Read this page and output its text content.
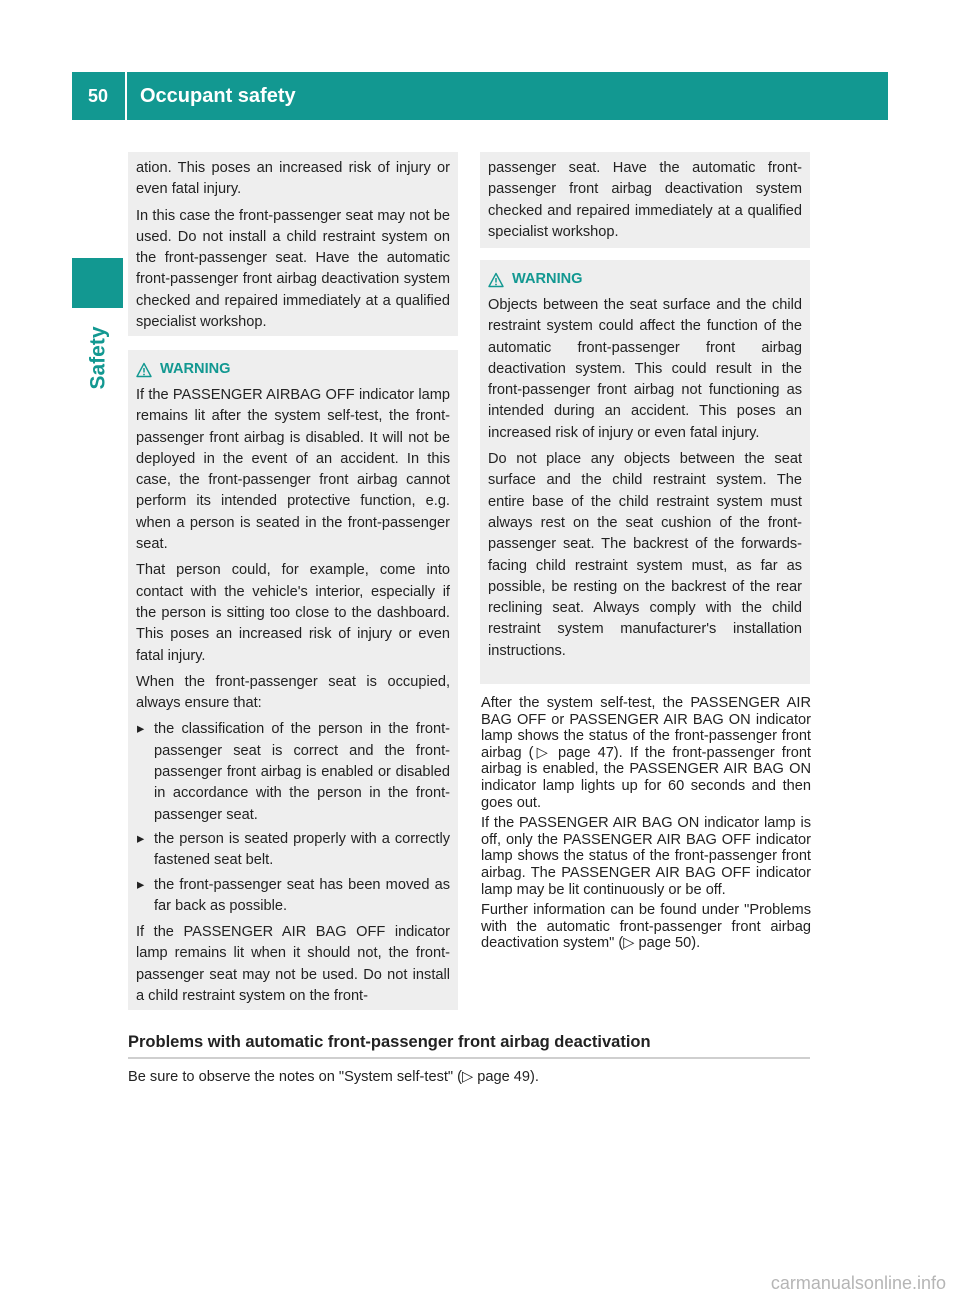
50	Occupant safety
Safety

ation. This poses an increased risk of injury or even fatal injury.

In this case the front-passenger seat may not be used. Do not install a child restraint system on the front-passenger seat. Have the automatic front-passenger front airbag deactivation system checked and repaired immediately at a qualified specialist workshop.

WARNING

If the PASSENGER AIRBAG OFF indicator lamp remains lit after the system self-test, the front-passenger front airbag is disabled. It will not be deployed in the event of an accident. In this case, the front-passenger front airbag cannot perform its intended protective function, e.g. when a person is seated in the front-passenger seat.

That person could, for example, come into contact with the vehicle's interior, especially if the person is sitting too close to the dashboard. This poses an increased risk of injury or even fatal injury.

When the front-passenger seat is occupied, always ensure that:

▸ the classification of the person in the front-passenger seat is correct and the front-passenger front airbag is enabled or disabled in accordance with the person in the front-passenger seat.
▸ the person is seated properly with a correctly fastened seat belt.
▸ the front-passenger seat has been moved as far back as possible.

If the PASSENGER AIR BAG OFF indicator lamp remains lit when it should not, the front-passenger seat may not be used. Do not install a child restraint system on the front-

passenger seat. Have the automatic front-passenger front airbag deactivation system checked and repaired immediately at a qualified specialist workshop.

WARNING

Objects between the seat surface and the child restraint system could affect the function of the automatic front-passenger front airbag deactivation system. This could result in the front-passenger front airbag not functioning as intended during an accident. This poses an increased risk of injury or even fatal injury.

Do not place any objects between the seat surface and the child restraint system. The entire base of the child restraint system must always rest on the seat cushion of the front-passenger seat. The backrest of the forwards-facing child restraint system must, as far as possible, be resting on the backrest of the rear reclining seat. Always comply with the child restraint system manufacturer's installation instructions.

After the system self-test, the PASSENGER AIR BAG OFF or PASSENGER AIR BAG ON indicator lamp shows the status of the front-passenger front airbag (▷ page 47). If the front-passenger front airbag is enabled, the PASSENGER AIR BAG ON indicator lamp lights up for 60 seconds and then goes out.

If the PASSENGER AIR BAG ON indicator lamp is off, only the PASSENGER AIR BAG OFF indicator lamp shows the status of the front-passenger front airbag. The PASSENGER AIR BAG OFF indicator lamp may be lit continuously or be off.

Further information can be found under "Problems with the automatic front-passenger front airbag deactivation system" (▷ page 50).

Problems with automatic front-passenger front airbag deactivation
Be sure to observe the notes on "System self-test" (▷ page 49).
carmanualsonline.info
